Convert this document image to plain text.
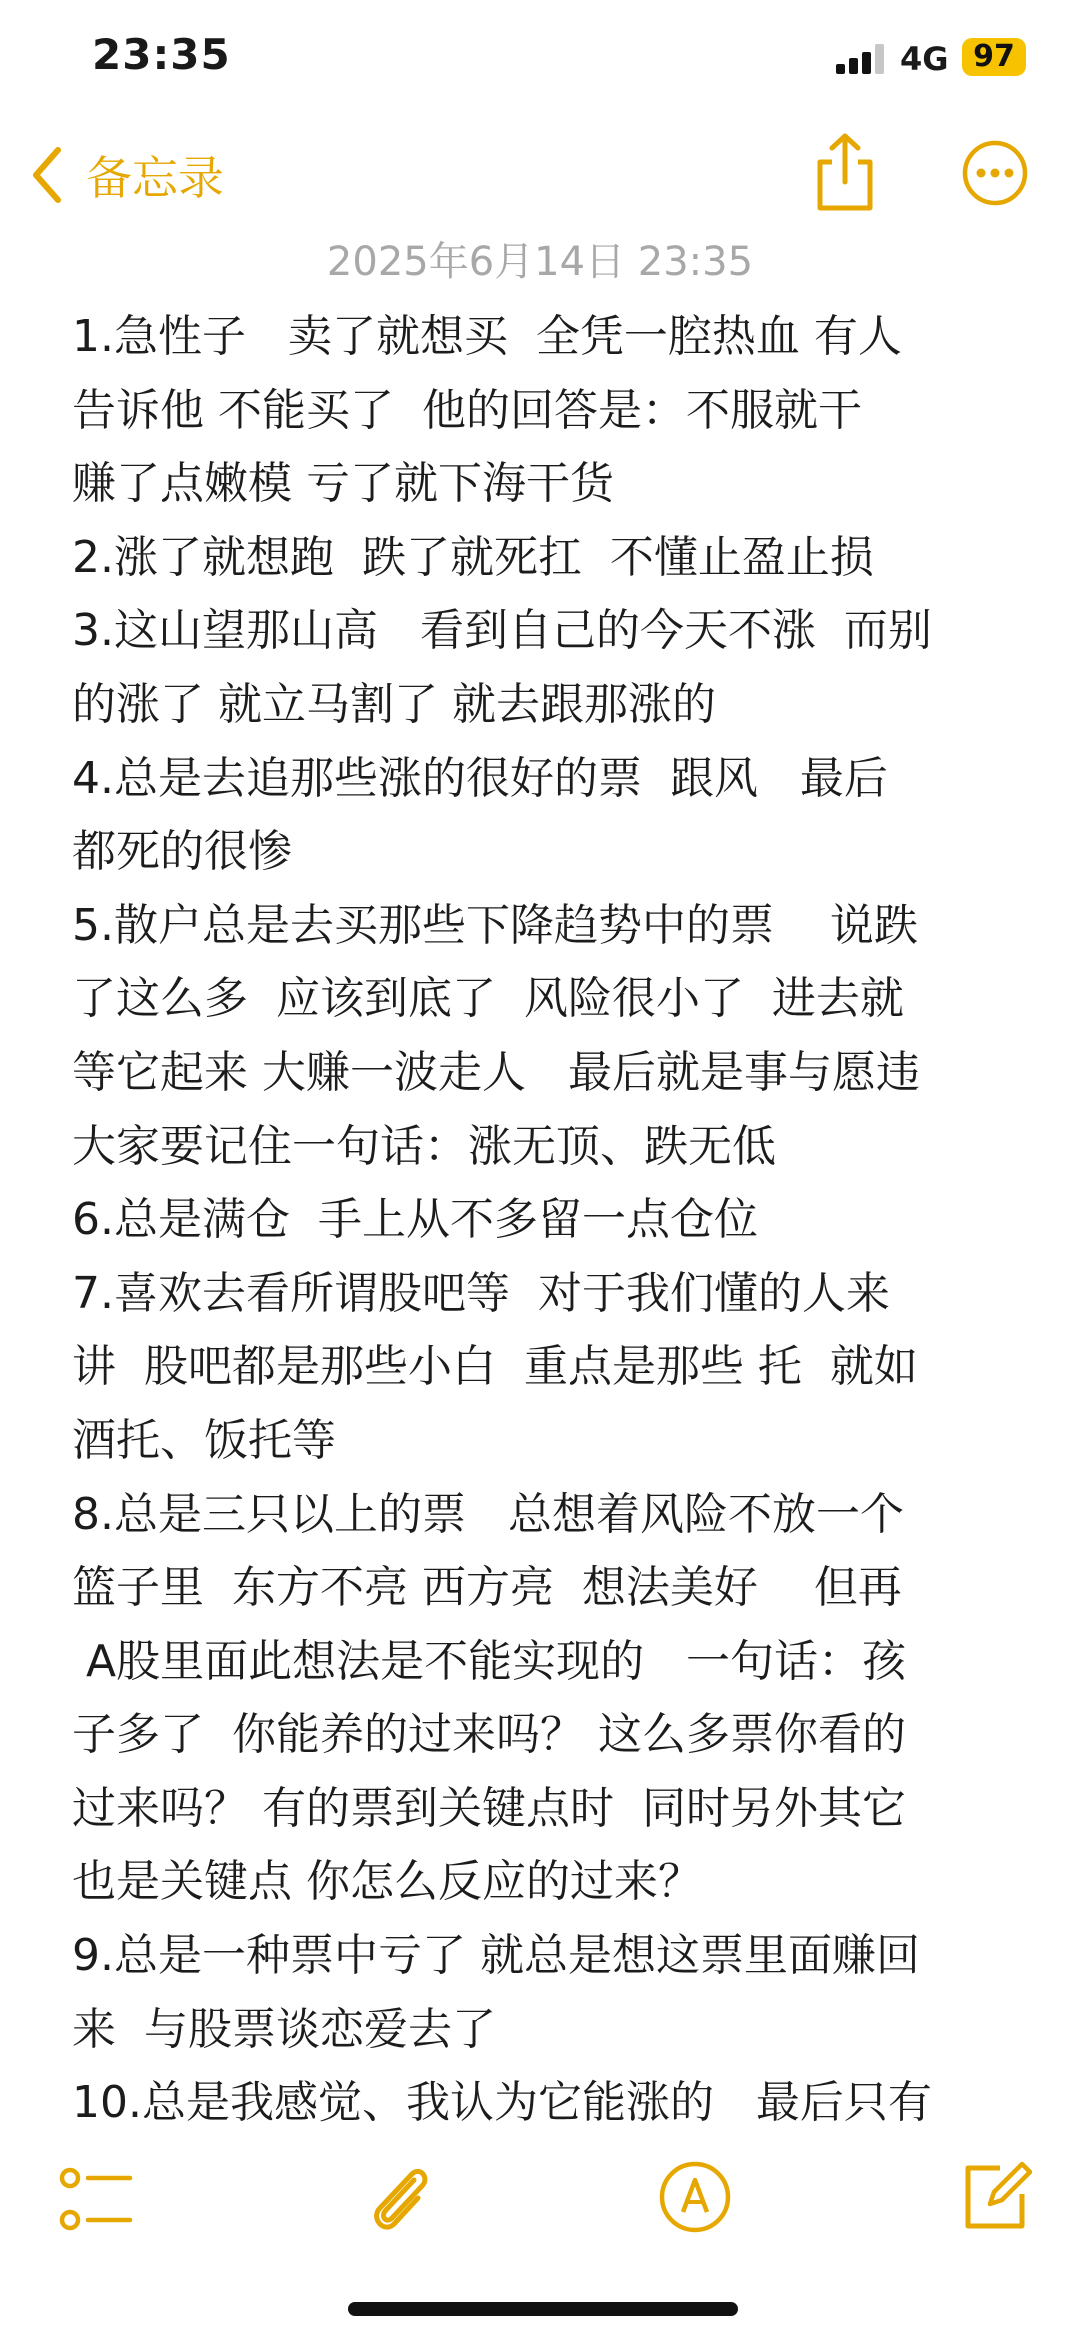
23:35	4G 97
备忘录
2025年6月14日 23:35
1.急性子   卖了就想买  全凭一腔热血 有人
告诉他 不能买了  他的回答是：不服就干
赚了点嫩模 亏了就下海干货
2.涨了就想跑  跌了就死扛  不懂止盈止损
3.这山望那山高   看到自己的今天不涨  而别
的涨了 就立马割了 就去跟那涨的
4.总是去追那些涨的很好的票  跟风   最后
都死的很惨
5.散户总是去买那些下降趋势中的票    说跌
了这么多  应该到底了  风险很小了  进去就
等它起来 大赚一波走人   最后就是事与愿违
大家要记住一句话：涨无顶、跌无低
6.总是满仓  手上从不多留一点仓位
7.喜欢去看所谓股吧等  对于我们懂的人来
讲  股吧都是那些小白  重点是那些 托  就如
酒托、饭托等
8.总是三只以上的票   总想着风险不放一个
篮子里  东方不亮 西方亮  想法美好    但再
A股里面此想法是不能实现的   一句话：孩
子多了  你能养的过来吗？ 这么多票你看的
过来吗？ 有的票到关键点时  同时另外其它
也是关键点 你怎么反应的过来？
9.总是一种票中亏了 就总是想这票里面赚回
来  与股票谈恋爱去了
10.总是我感觉、我认为它能涨的   最后只有
